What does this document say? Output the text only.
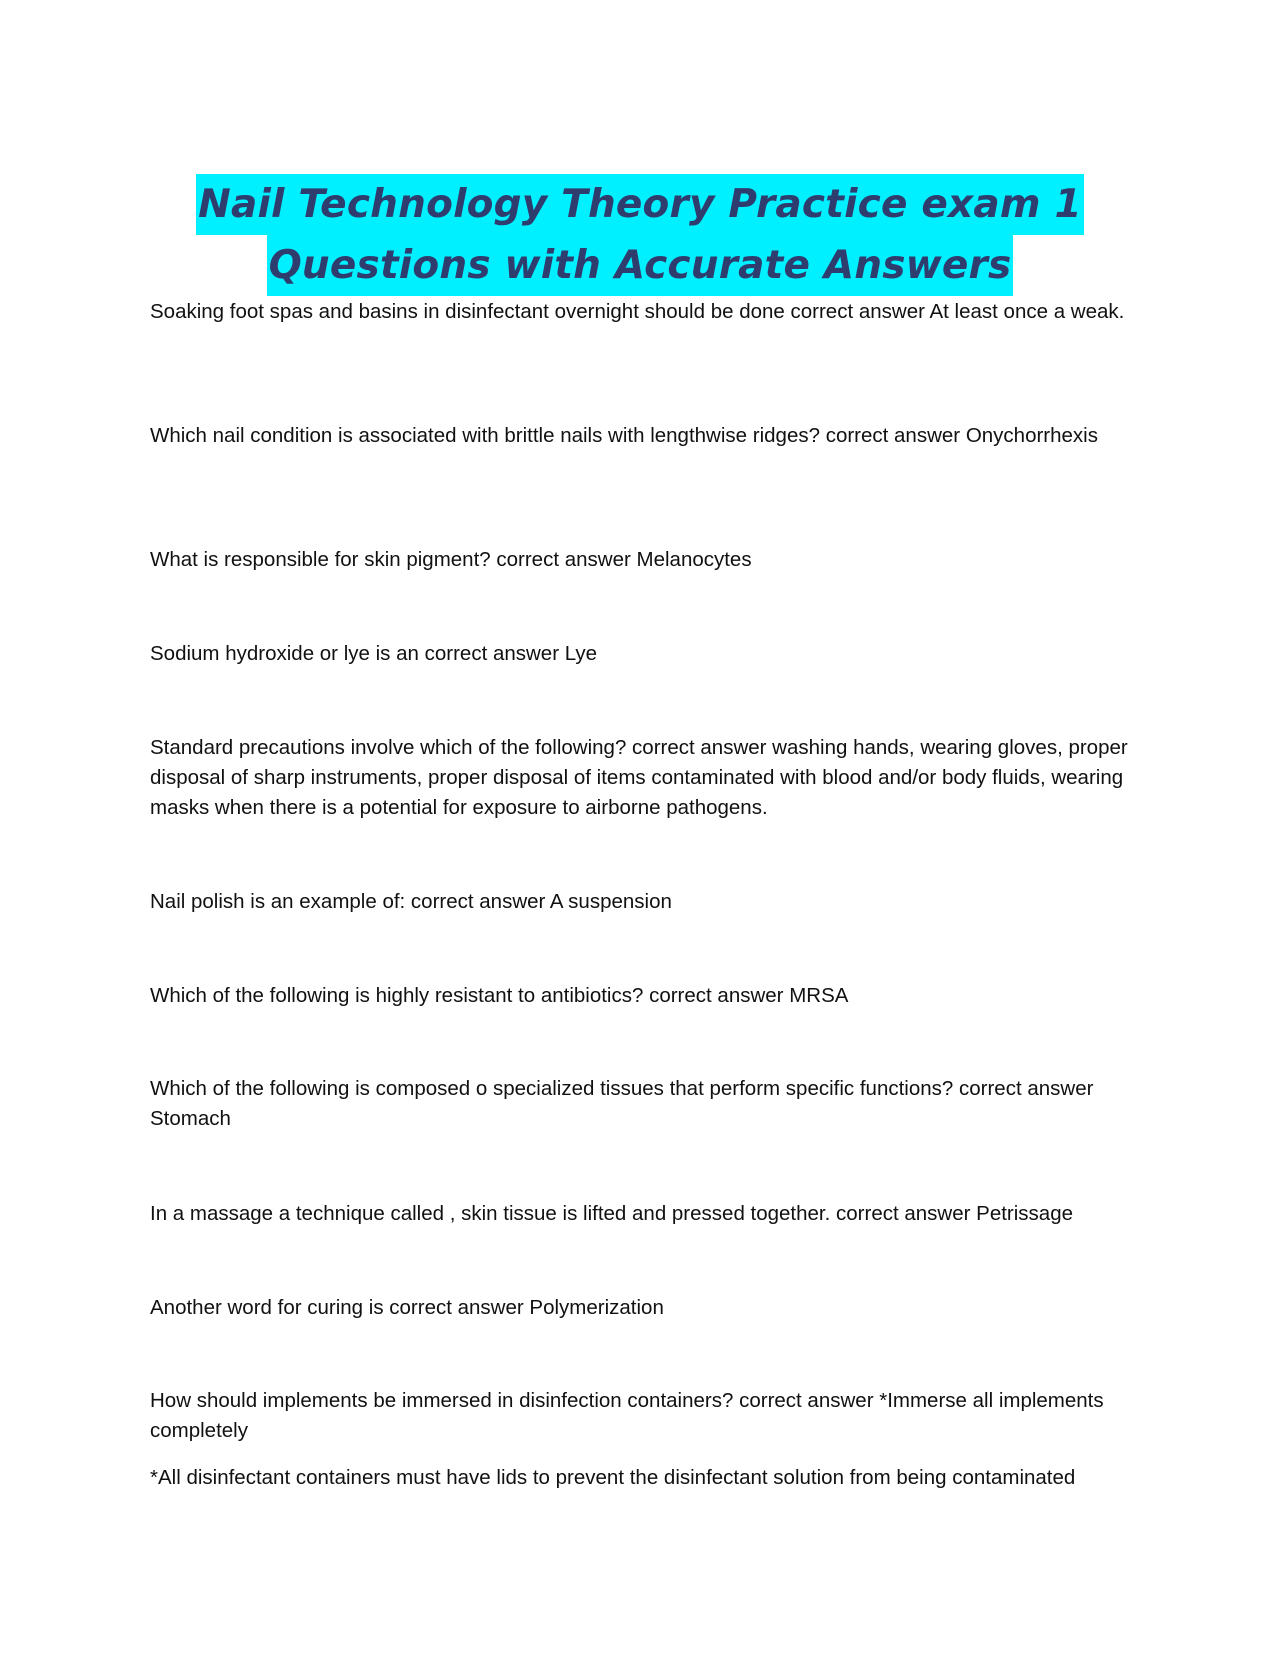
Nail Technology Theory Practice exam 1
Questions with Accurate Answers

Soaking foot spas and basins in disinfectant overnight should be done correct answer At least once a weak.

Which nail condition is associated with brittle nails with lengthwise ridges? correct answer Onychorrhexis

What is responsible for skin pigment? correct answer Melanocytes

Sodium hydroxide or lye is an correct answer Lye

Standard precautions involve which of the following? correct answer washing hands, wearing gloves, proper disposal of sharp instruments, proper disposal of items contaminated with blood and/or body fluids, wearing masks when there is a potential for exposure to airborne pathogens.

Nail polish is an example of: correct answer A suspension

Which of the following is highly resistant to antibiotics? correct answer MRSA

Which of the following is composed o specialized tissues that perform specific functions? correct answer Stomach

In a massage a technique called , skin tissue is lifted and pressed together. correct answer Petrissage

Another word for curing is correct answer Polymerization

How should implements be immersed in disinfection containers? correct answer *Immerse all implements completely

*All disinfectant containers must have lids to prevent the disinfectant solution from being contaminated
